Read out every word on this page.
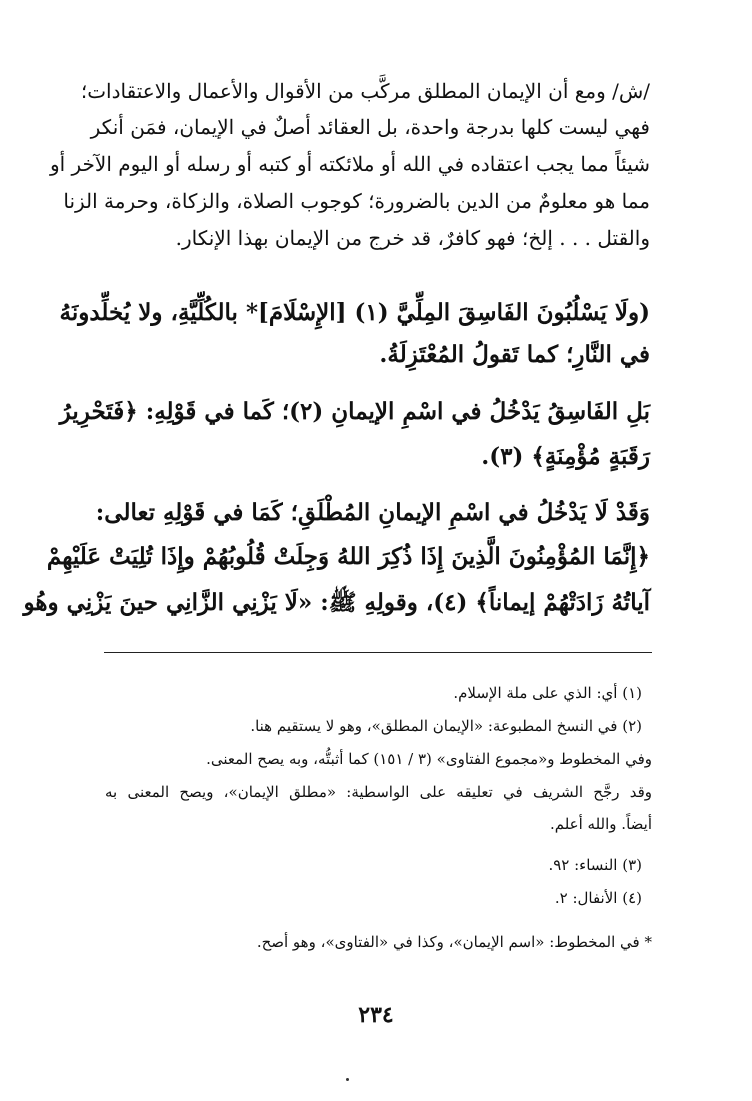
/ش/ ومع أن الإيمان المطلق مركَّب من الأقوال والأعمال والاعتقادات؛
فهي ليست كلها بدرجة واحدة، بل العقائد أصلٌ في الإيمان، فمَن أنكر
شيئاً مما يجب اعتقاده في الله أو ملائكته أو كتبه أو رسله أو اليوم الآخر أو
مما هو معلومٌ من الدين بالضرورة؛ كوجوب الصلاة، والزكاة، وحرمة الزنا
والقتل . . . إلخ؛ فهو كافرٌ، قد خرج من الإيمان بهذا الإنكار.
(ولَا يَسْلُبُونَ الفَاسِقَ المِلِّيَّ (١) [الإِسْلَامَ]* بالكُلِّيَّةِ، ولا يُخلِّدونَهُ
في النَّارِ؛ كما تَقولُ المُعْتَزِلَةُ.
بَلِ الفَاسِقُ يَدْخُلُ في اسْمِ الإيمانِ (٢)؛ كَما في قَوْلِهِ: ﴿فَتَحْرِيرُ
رَقَبَةٍ مُؤْمِنَةٍ﴾ (٣).
وَقَدْ لَا يَدْخُلُ في اسْمِ الإيمانِ المُطْلَقِ؛ كَمَا في قَوْلِهِ تعالى:
﴿إِنَّمَا المُؤْمِنُونَ الَّذِينَ إِذَا ذُكِرَ اللهُ وَجِلَتْ قُلُوبُهُمْ وإِذَا تُلِيَتْ عَلَيْهِمْ
آياتُهُ زَادَتْهُمْ إيماناً﴾ (٤)، وقولِهِ ﷺ: «لَا يَزْنِي الزَّانِي حينَ يَزْنِي وهُو
(١) أي: الذي على ملة الإسلام.
(٢) في النسخ المطبوعة: «الإيمان المطلق»، وهو لا يستقيم هنا.
وفي المخطوط و«مجموع الفتاوى» (٣ / ١٥١) كما أثبتُّه، وبه يصح المعنى.
وقد رجَّح الشريف في تعليقه على الواسطية: «مطلق الإيمان»، ويصح المعنى به
أيضاً. والله أعلم.
(٣) النساء: ٩٢.
(٤) الأنفال: ٢.
* في المخطوط: «اسم الإيمان»، وكذا في «الفتاوى»، وهو أصح.
٢٣٤
